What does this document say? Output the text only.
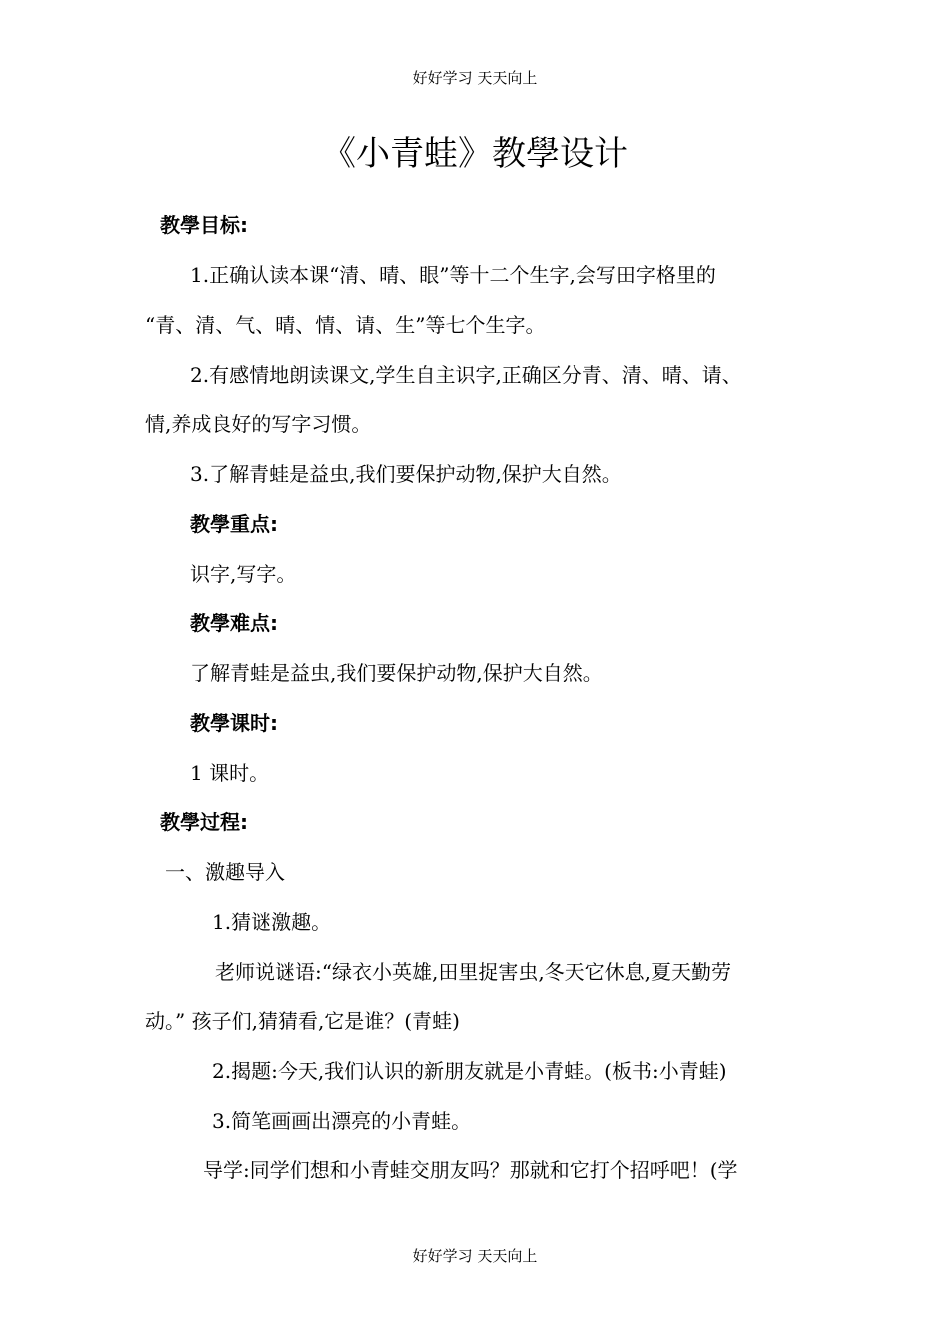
好好学习 天天向上
《小青蛙》教學设计
教學目标:
1.正确认读本课“清、晴、眼”等十二个生字,会写田字格里的
“青、清、气、晴、情、请、生”等七个生字。
2.有感情地朗读课文,学生自主识字,正确区分青、清、晴、请、
情,养成良好的写字习惯。
3.了解青蛙是益虫,我们要保护动物,保护大自然。
教學重点:
识字,写字。
教學难点:
了解青蛙是益虫,我们要保护动物,保护大自然。
教學课时:
1 课时。
教學过程:
一、激趣导入
1.猜谜激趣。
老师说谜语:“绿衣小英雄,田里捉害虫,冬天它休息,夏天勤劳
动。” 孩子们,猜猜看,它是谁？(青蛙)
2.揭题:今天,我们认识的新朋友就是小青蛙。(板书:小青蛙)
3.简笔画画出漂亮的小青蛙。
导学:同学们想和小青蛙交朋友吗？那就和它打个招呼吧！(学
好好学习 天天向上
